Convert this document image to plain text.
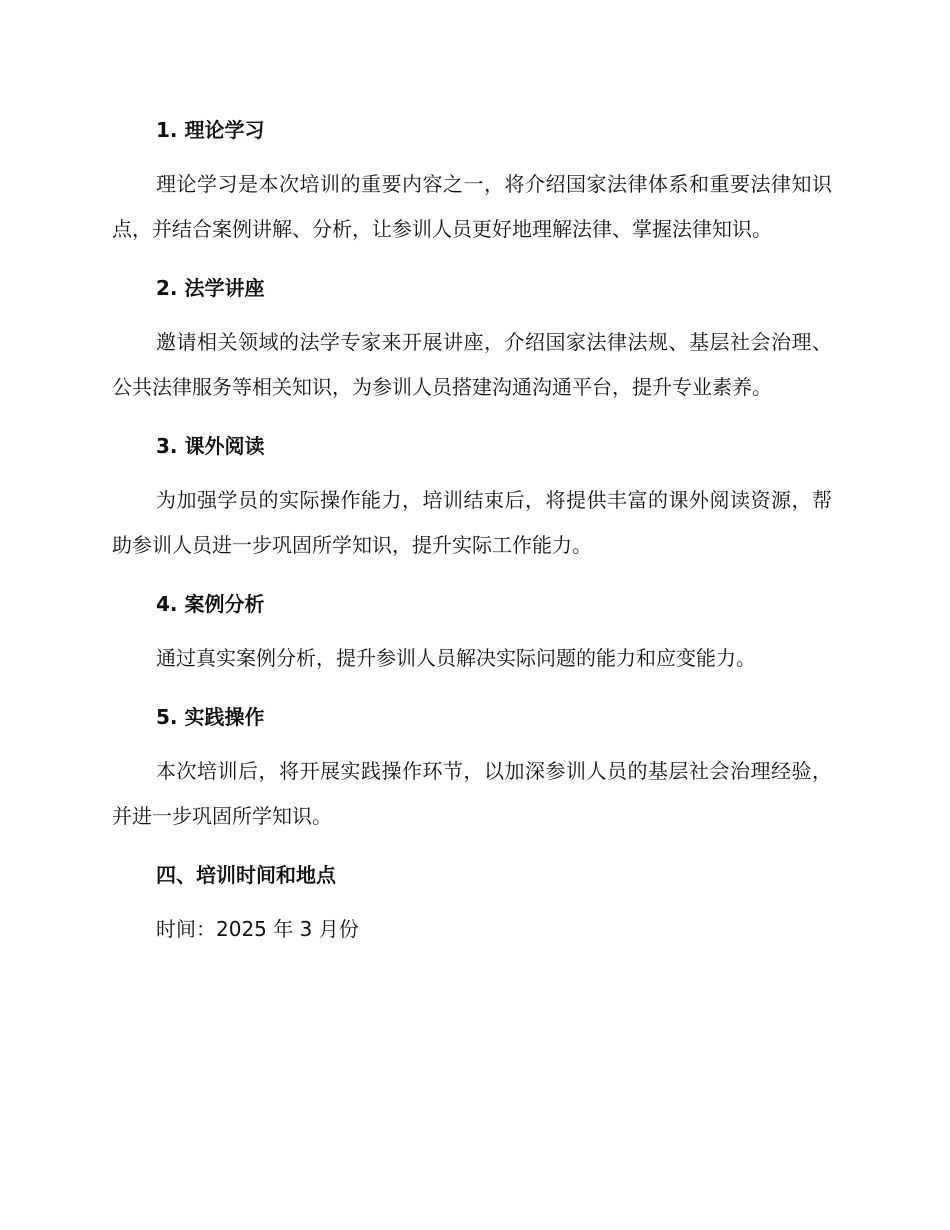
1. 理论学习

理论学习是本次培训的重要内容之一，将介绍国家法律体系和重要法律知识点，并结合案例讲解、分析，让参训人员更好地理解法律、掌握法律知识。

2. 法学讲座

邀请相关领域的法学专家来开展讲座，介绍国家法律法规、基层社会治理、公共法律服务等相关知识，为参训人员搭建沟通沟通平台，提升专业素养。

3. 课外阅读

为加强学员的实际操作能力，培训结束后，将提供丰富的课外阅读资源，帮助参训人员进一步巩固所学知识，提升实际工作能力。

4. 案例分析

通过真实案例分析，提升参训人员解决实际问题的能力和应变能力。

5. 实践操作

本次培训后，将开展实践操作环节，以加深参训人员的基层社会治理经验，并进一步巩固所学知识。

四、培训时间和地点

时间：2025 年 3 月份
